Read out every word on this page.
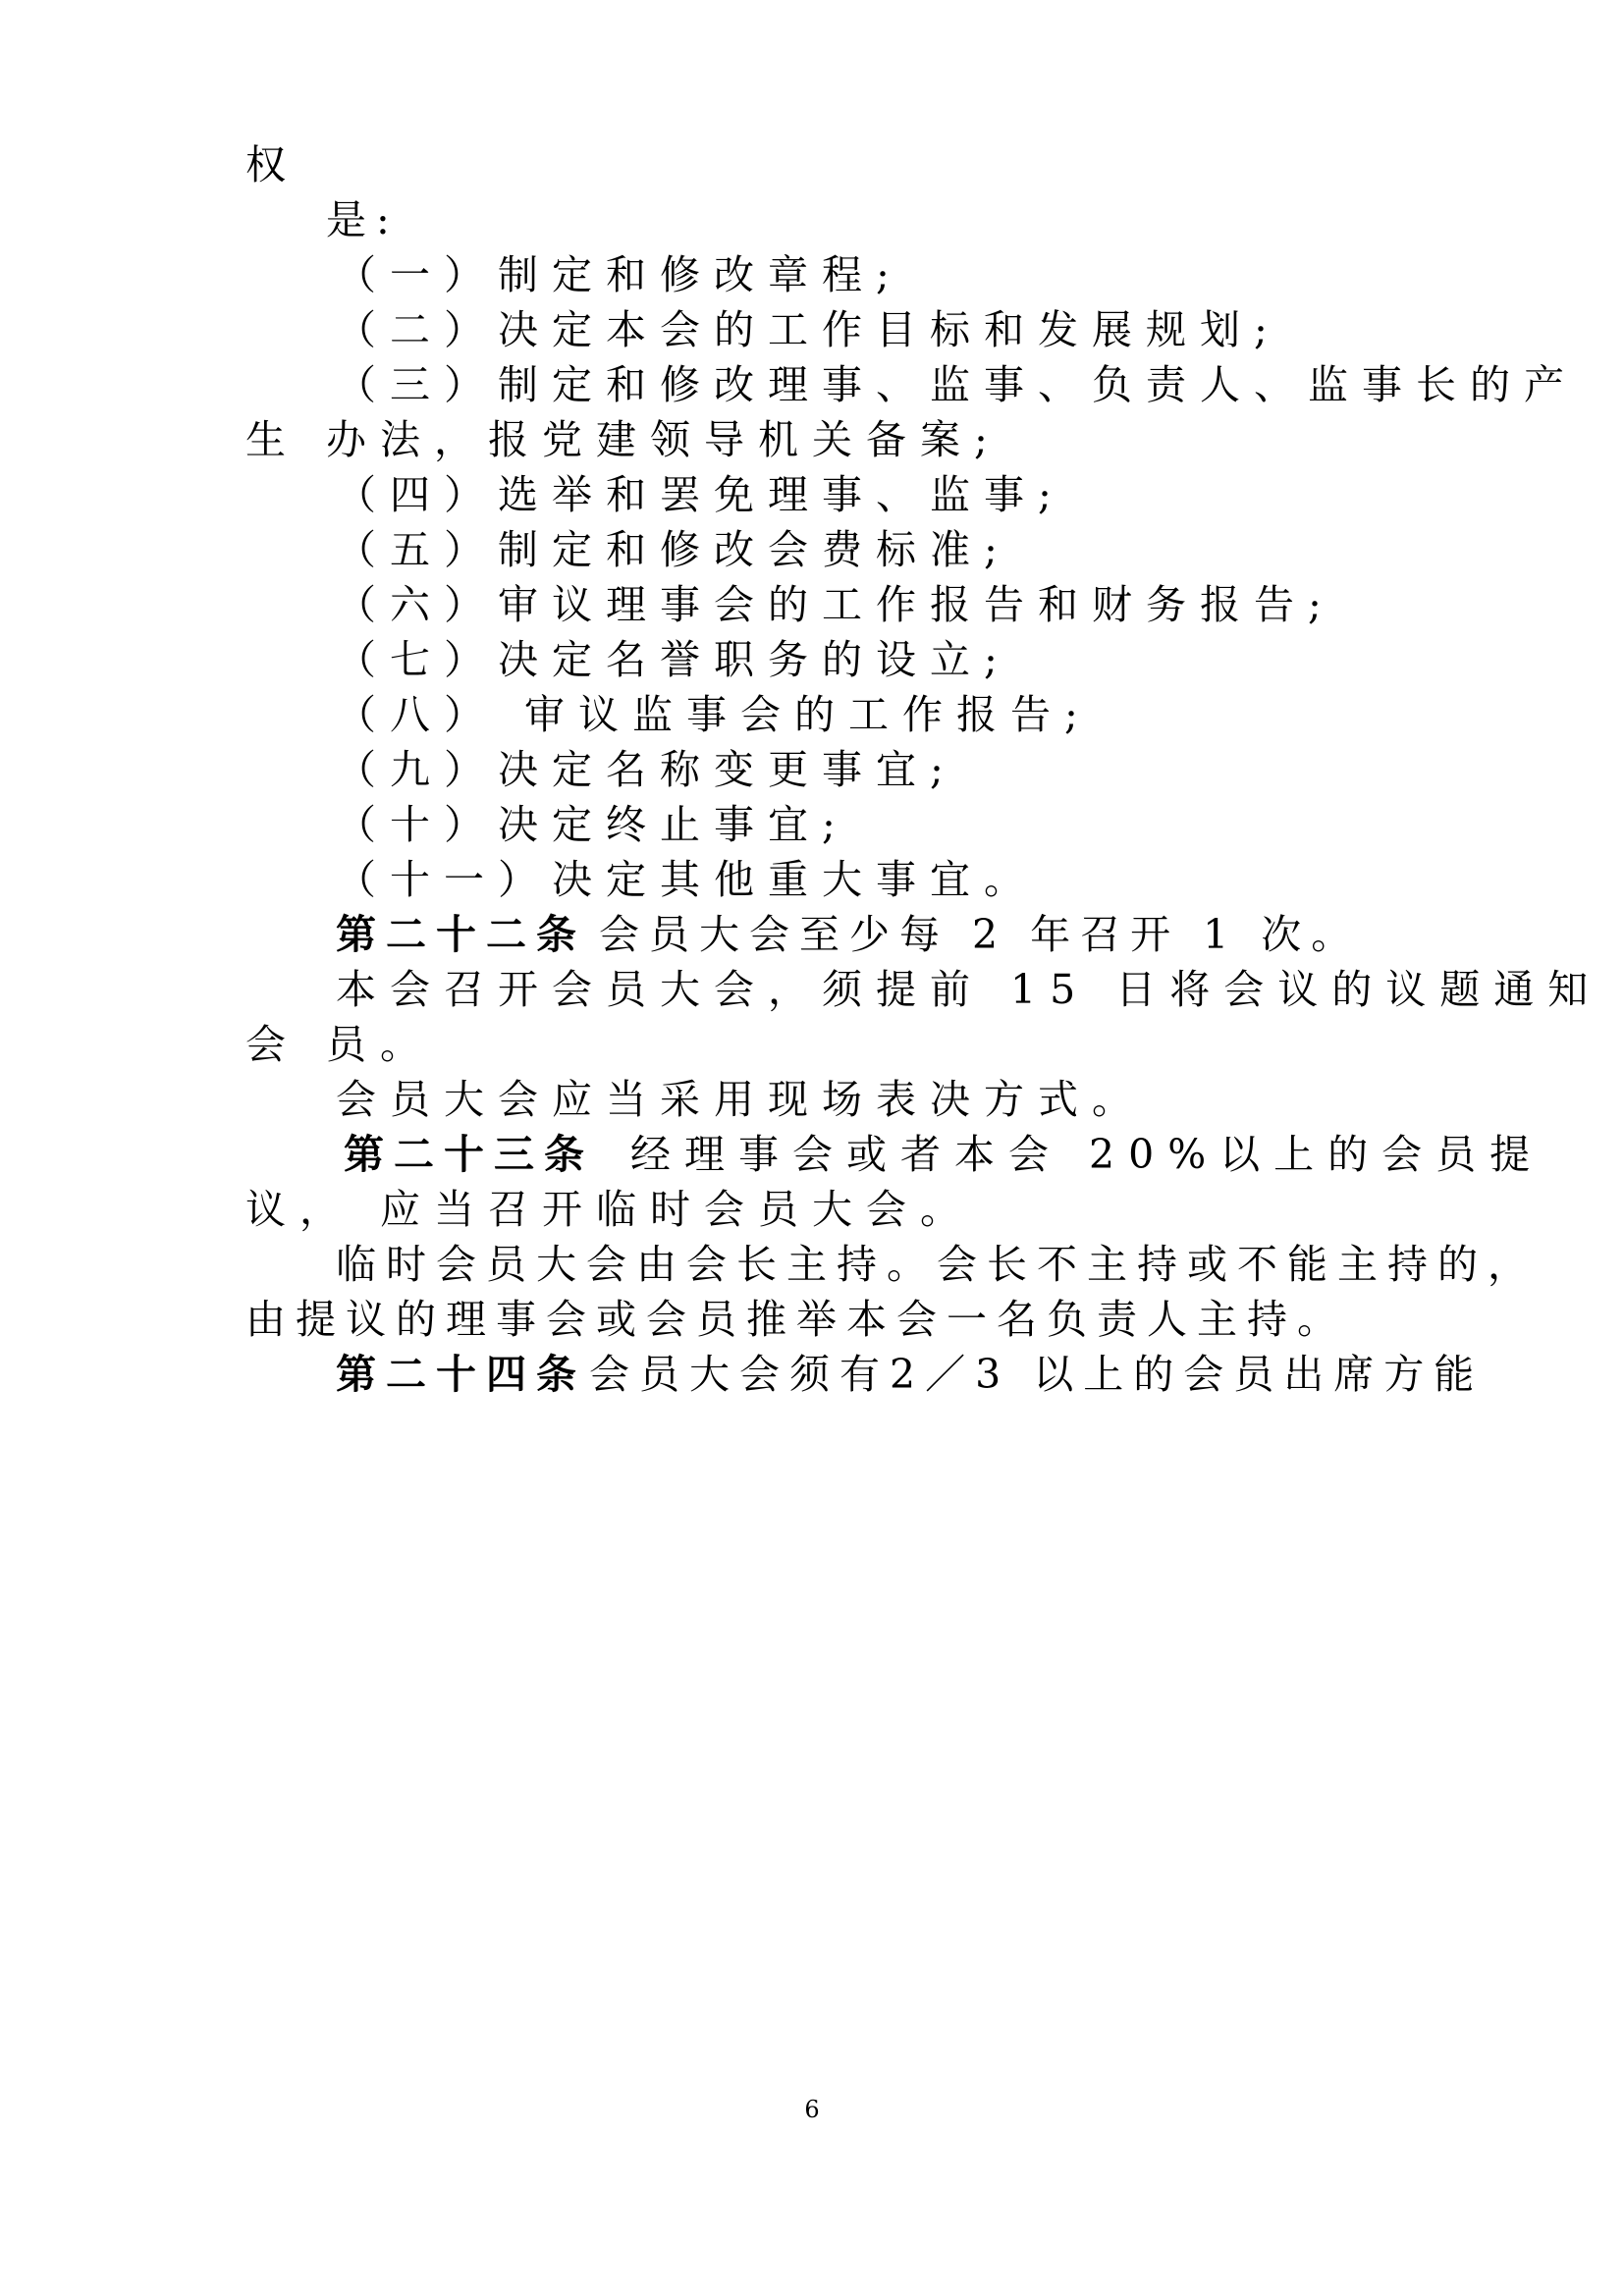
权
是:
（一）制定和修改章程;
（二）决定本会的工作目标和发展规划;
（三）制定和修改理事、监事、负责人、监事长的产
生 办法，报党建领导机关备案;
（四）选举和罢免理事、监事;
（五）制定和修改会费标准;
（六）审议理事会的工作报告和财务报告;
（七）决定名誉职务的设立;
（八） 审议监事会的工作报告;
（九）决定名称变更事宜;
（十）决定终止事宜;
（十一）决定其他重大事宜。
第二十二条 会员大会至少每 2 年召开 1 次。
本会召开会员大会，须提前 15 日将会议的议题通知
会 员。
会员大会应当采用现场表决方式。
第二十三条 经理事会或者本会 20%以上的会员提
议， 应当召开临时会员大会。
临时会员大会由会长主持。会长不主持或不能主持的，
由提议的理事会或会员推举本会一名负责人主持。
第二十四条 会员大会须有2／3 以上的会员出席方能
6
